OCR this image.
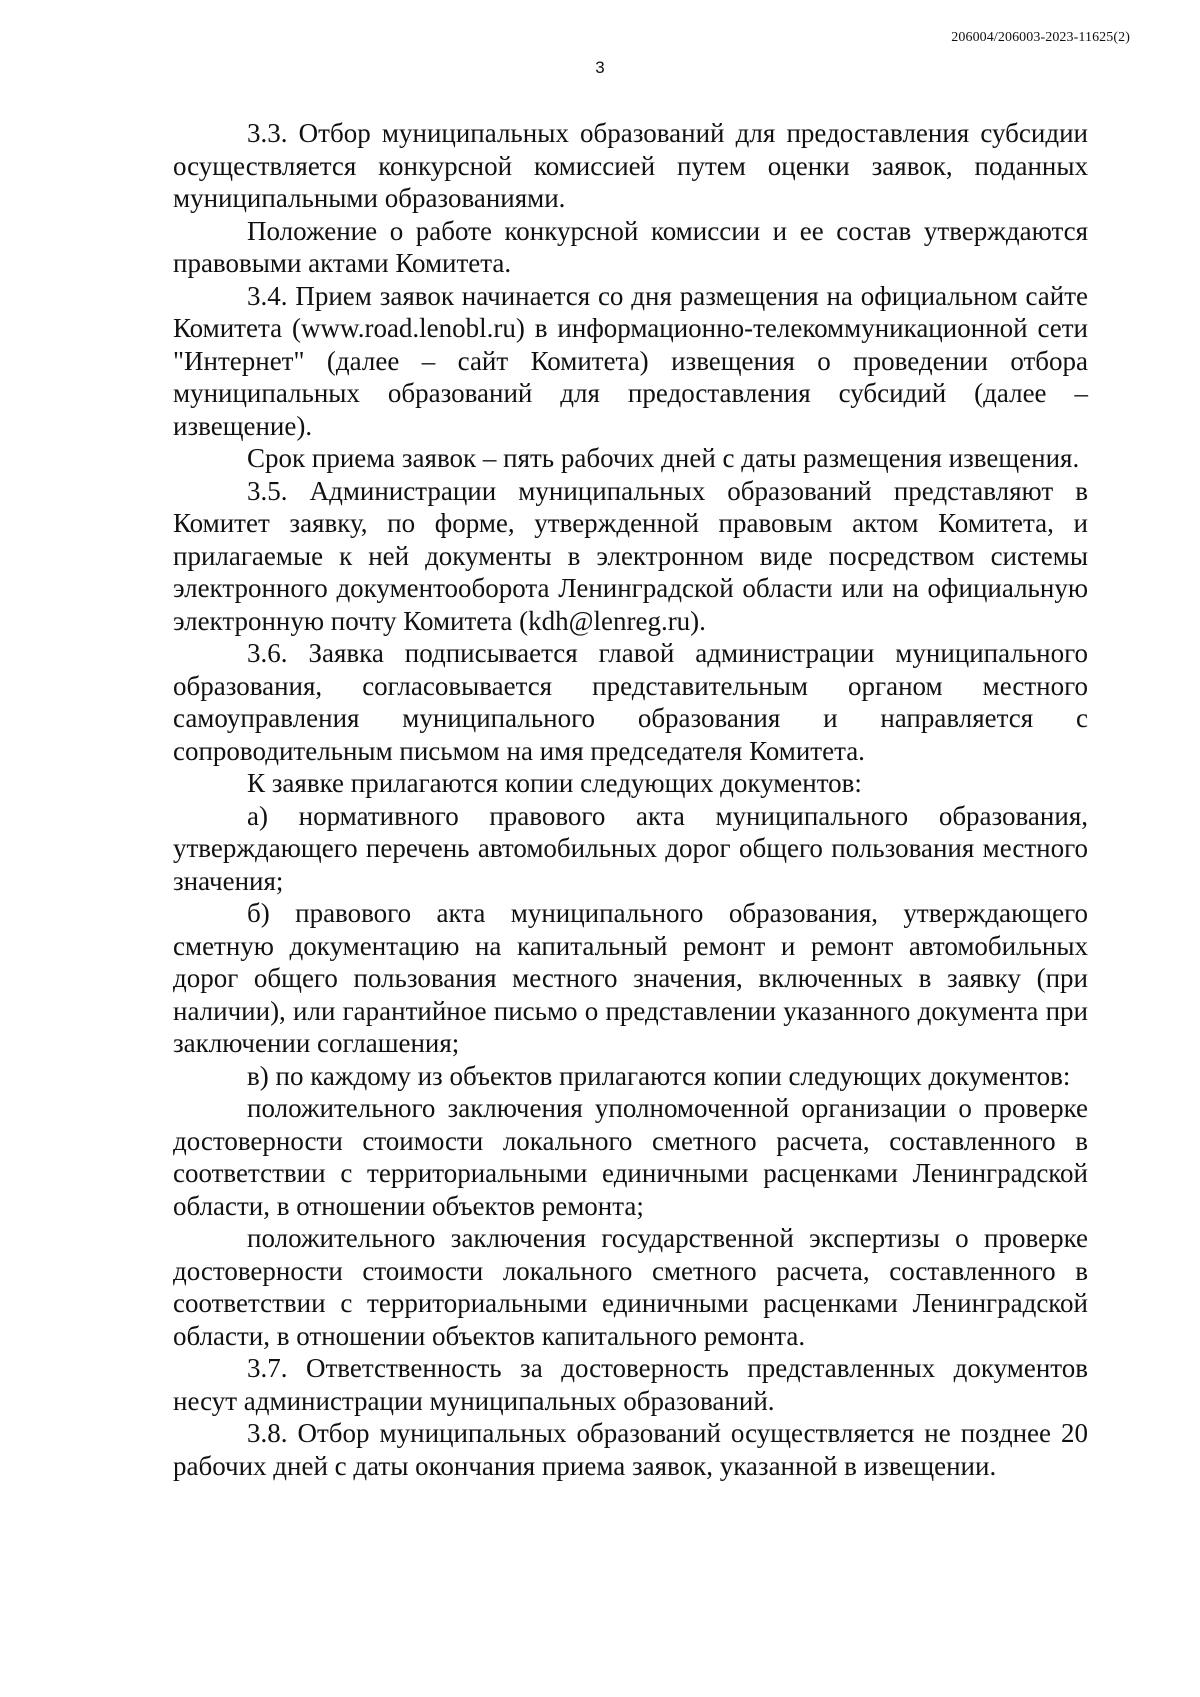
206004/206003-2023-11625(2)
3

3.3. Отбор муниципальных образований для предоставления субсидии осуществляется конкурсной комиссией путем оценки заявок, поданных муниципальными образованиями.

Положение о работе конкурсной комиссии и ее состав утверждаются правовыми актами Комитета.

3.4. Прием заявок начинается со дня размещения на официальном сайте Комитета (www.road.lenobl.ru) в информационно-телекоммуникационной сети "Интернет" (далее – сайт Комитета) извещения о проведении отбора муниципальных образований для предоставления субсидий (далее – извещение).

Срок приема заявок – пять рабочих дней с даты размещения извещения.

3.5. Администрации муниципальных образований представляют в Комитет заявку, по форме, утвержденной правовым актом Комитета, и прилагаемые к ней документы в электронном виде посредством системы электронного документооборота Ленинградской области или на официальную электронную почту Комитета (kdh@lenreg.ru).

3.6. Заявка подписывается главой администрации муниципального образования, согласовывается представительным органом местного самоуправления муниципального образования и направляется с сопроводительным письмом на имя председателя Комитета.

К заявке прилагаются копии следующих документов:

а) нормативного правового акта муниципального образования, утверждающего перечень автомобильных дорог общего пользования местного значения;

б) правового акта муниципального образования, утверждающего сметную документацию на капитальный ремонт и ремонт автомобильных дорог общего пользования местного значения, включенных в заявку (при наличии), или гарантийное письмо о представлении указанного документа при заключении соглашения;

в) по каждому из объектов прилагаются копии следующих документов:

положительного заключения уполномоченной организации о проверке достоверности стоимости локального сметного расчета, составленного в соответствии с территориальными единичными расценками Ленинградской области, в отношении объектов ремонта;

положительного заключения государственной экспертизы о проверке достоверности стоимости локального сметного расчета, составленного в соответствии с территориальными единичными расценками Ленинградской области, в отношении объектов капитального ремонта.

3.7. Ответственность за достоверность представленных документов несут администрации муниципальных образований.

3.8. Отбор муниципальных образований осуществляется не позднее 20 рабочих дней с даты окончания приема заявок, указанной в извещении.
